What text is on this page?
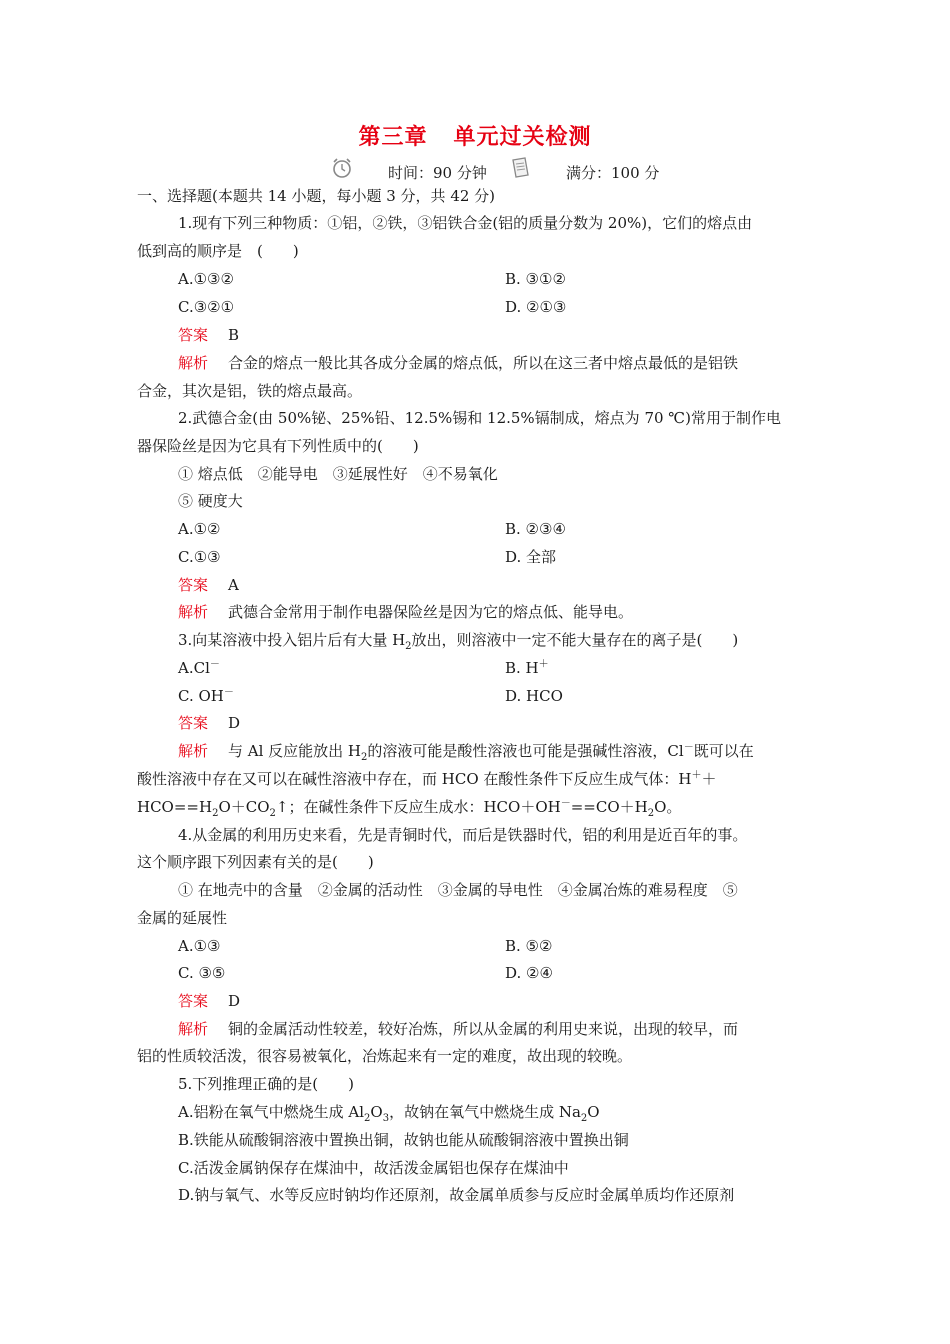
第三章 单元过关检测
时间：90 分钟	满分：100 分
一、选择题(本题共 14 小题，每小题 3 分，共 42 分)
1.现有下列三种物质：①铝，②铁，③铝铁合金(铝的质量分数为 20%)，它们的熔点由
低到高的顺序是　(　　)
A.①③②	B. ③①②
C.③②①	D. ②①③
答案 B
解析 合金的熔点一般比其各成分金属的熔点低，所以在这三者中熔点最低的是铝铁
合金，其次是铝，铁的熔点最高。
2.武德合金(由 50%铋、25%铅、12.5%锡和 12.5%镉制成，熔点为 70 ℃)常用于制作电
器保险丝是因为它具有下列性质中的(　　)
① 熔点低　②能导电　③延展性好　④不易氧化
⑤ 硬度大
A.①②	B. ②③④
C.①③	D. 全部
答案 A
解析 武德合金常用于制作电器保险丝是因为它的熔点低、能导电。
3.向某溶液中投入铝片后有大量 $H_2$放出，则溶液中一定不能大量存在的离子是(　　)
A.Cl－	B. H＋
C. OH－	D. HCO
答案 D
解析 与 Al 反应能放出 $H_2$的溶液可能是酸性溶液也可能是强碱性溶液，Cl－既可以在
酸性溶液中存在又可以在碱性溶液中存在，而 HCO 在酸性条件下反应生成气体：H＋＋
$HCO==H_2O+CO_2↑$；在碱性条件下反应生成水：$HCO+OH^-==CO+H_2O$。
4.从金属的利用历史来看，先是青铜时代，而后是铁器时代，铝的利用是近百年的事。
这个顺序跟下列因素有关的是(　　)
① 在地壳中的含量　②金属的活动性　③金属的导电性　④金属冶炼的难易程度　⑤
金属的延展性
A.①③	B. ⑤②
C. ③⑤	D. ②④
答案 D
解析 铜的金属活动性较差，较好冶炼，所以从金属的利用史来说，出现的较早，而
铝的性质较活泼，很容易被氧化，冶炼起来有一定的难度，故出现的较晚。
5.下列推理正确的是(　　)
A.铝粉在氧气中燃烧生成 $Al_2O_3$，故钠在氧气中燃烧生成 $Na_2O$
B.铁能从硫酸铜溶液中置换出铜，故钠也能从硫酸铜溶液中置换出铜
C.活泼金属钠保存在煤油中，故活泼金属铝也保存在煤油中
D.钠与氧气、水等反应时钠均作还原剂，故金属单质参与反应时金属单质均作还原剂
